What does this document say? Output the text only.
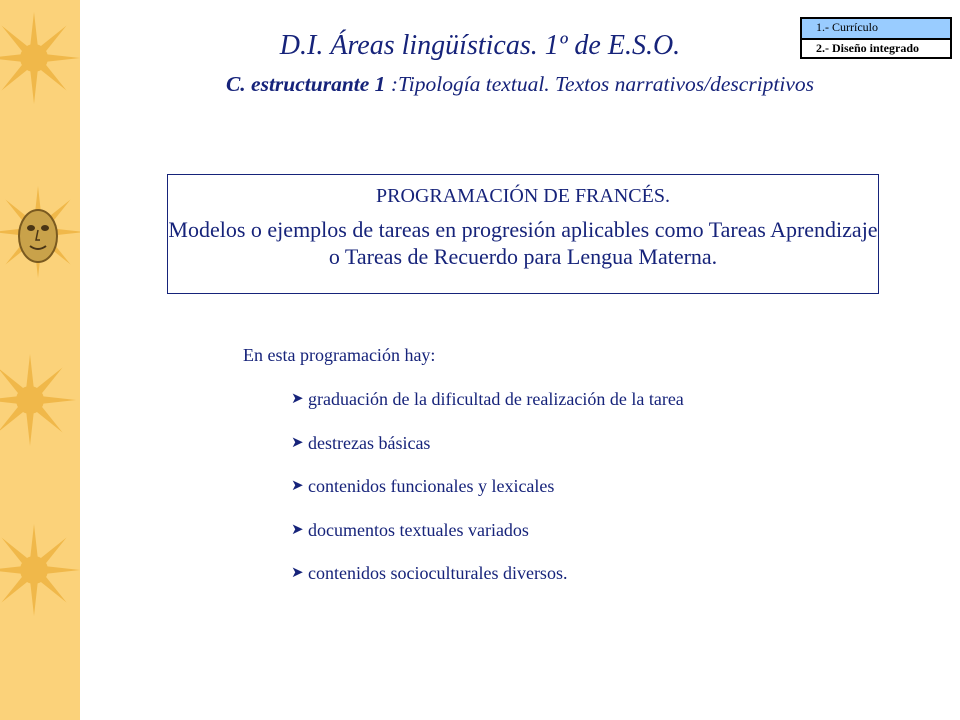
1.- Currículo
2.- Diseño integrado
D.I. Áreas lingüísticas. 1º de E.S.O.
C. estructurante 1 :Tipología textual. Textos narrativos/descriptivos
PROGRAMACIÓN DE FRANCÉS.
Modelos o ejemplos de tareas en progresión aplicables como Tareas Aprendizaje o Tareas de Recuerdo para Lengua Materna.
En esta programación hay:
➤ graduación de la dificultad de realización de la tarea
➤ destrezas básicas
➤ contenidos funcionales y lexicales
➤ documentos textuales variados
➤ contenidos socioculturales diversos.
